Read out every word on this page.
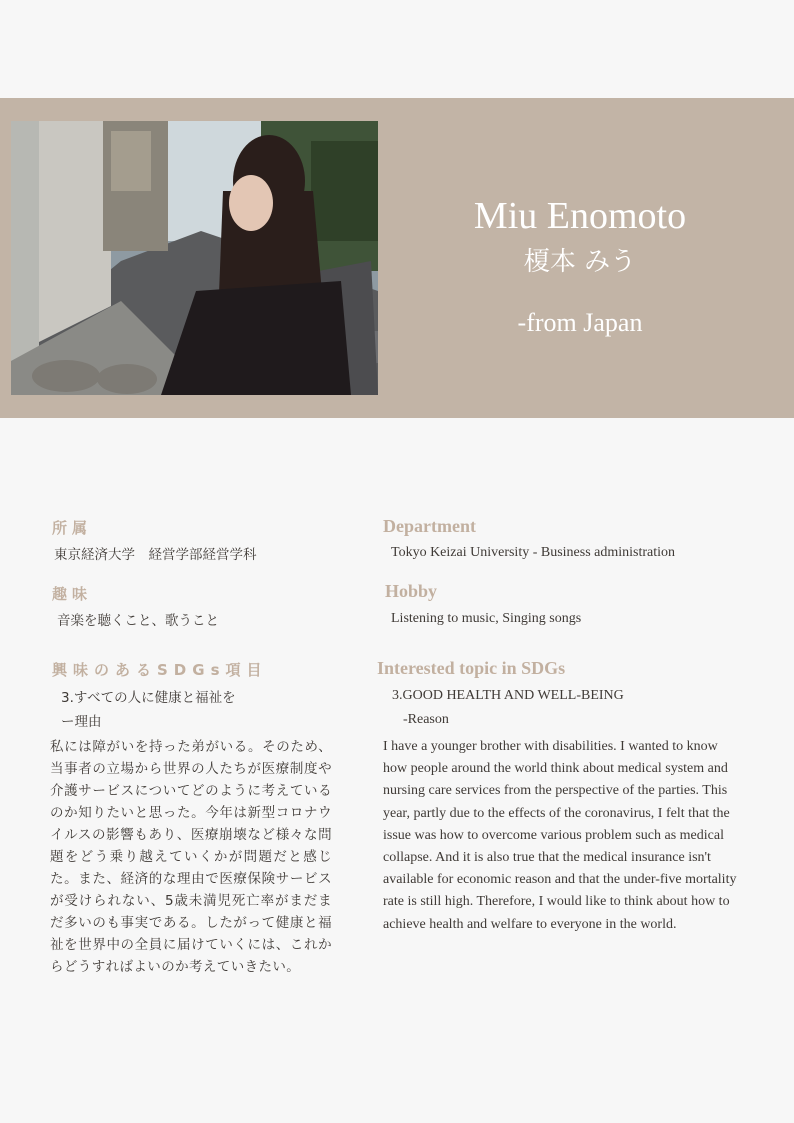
Miu Enomoto
榎本 みう
-from Japan
所属
東京経済大学　経営学部経営学科
趣味
音楽を聴くこと、歌うこと
興味のあるSDGs項目
3.すべての人に健康と福祉を
ー理由
私には障がいを持った弟がいる。そのため、当事者の立場から世界の人たちが医療制度や介護サービスについてどのように考えているのか知りたいと思った。今年は新型コロナウイルスの影響もあり、医療崩壊など様々な問題をどう乗り越えていくかが問題だと感じた。また、経済的な理由で医療保険サービスが受けられない、5歳未満児死亡率がまだまだ多いのも事実である。したがって健康と福祉を世界中の全員に届けていくには、これからどうすればよいのか考えていきたい。
Department
Tokyo Keizai University - Business administration
Hobby
Listening to music, Singing songs
Interested topic in SDGs
3.GOOD HEALTH AND WELL-BEING
-Reason
I have a younger brother with disabilities. I wanted to know how people around the world think about medical system and nursing care services from the perspective of the parties. This year, partly due to the effects of the coronavirus, I felt that the issue was how to overcome various problem such as medical collapse. And it is also true that the medical insurance isn't available for economic reason and that the under-five mortality rate is still high. Therefore, I would like to think about how to achieve health and welfare to everyone in the world.
